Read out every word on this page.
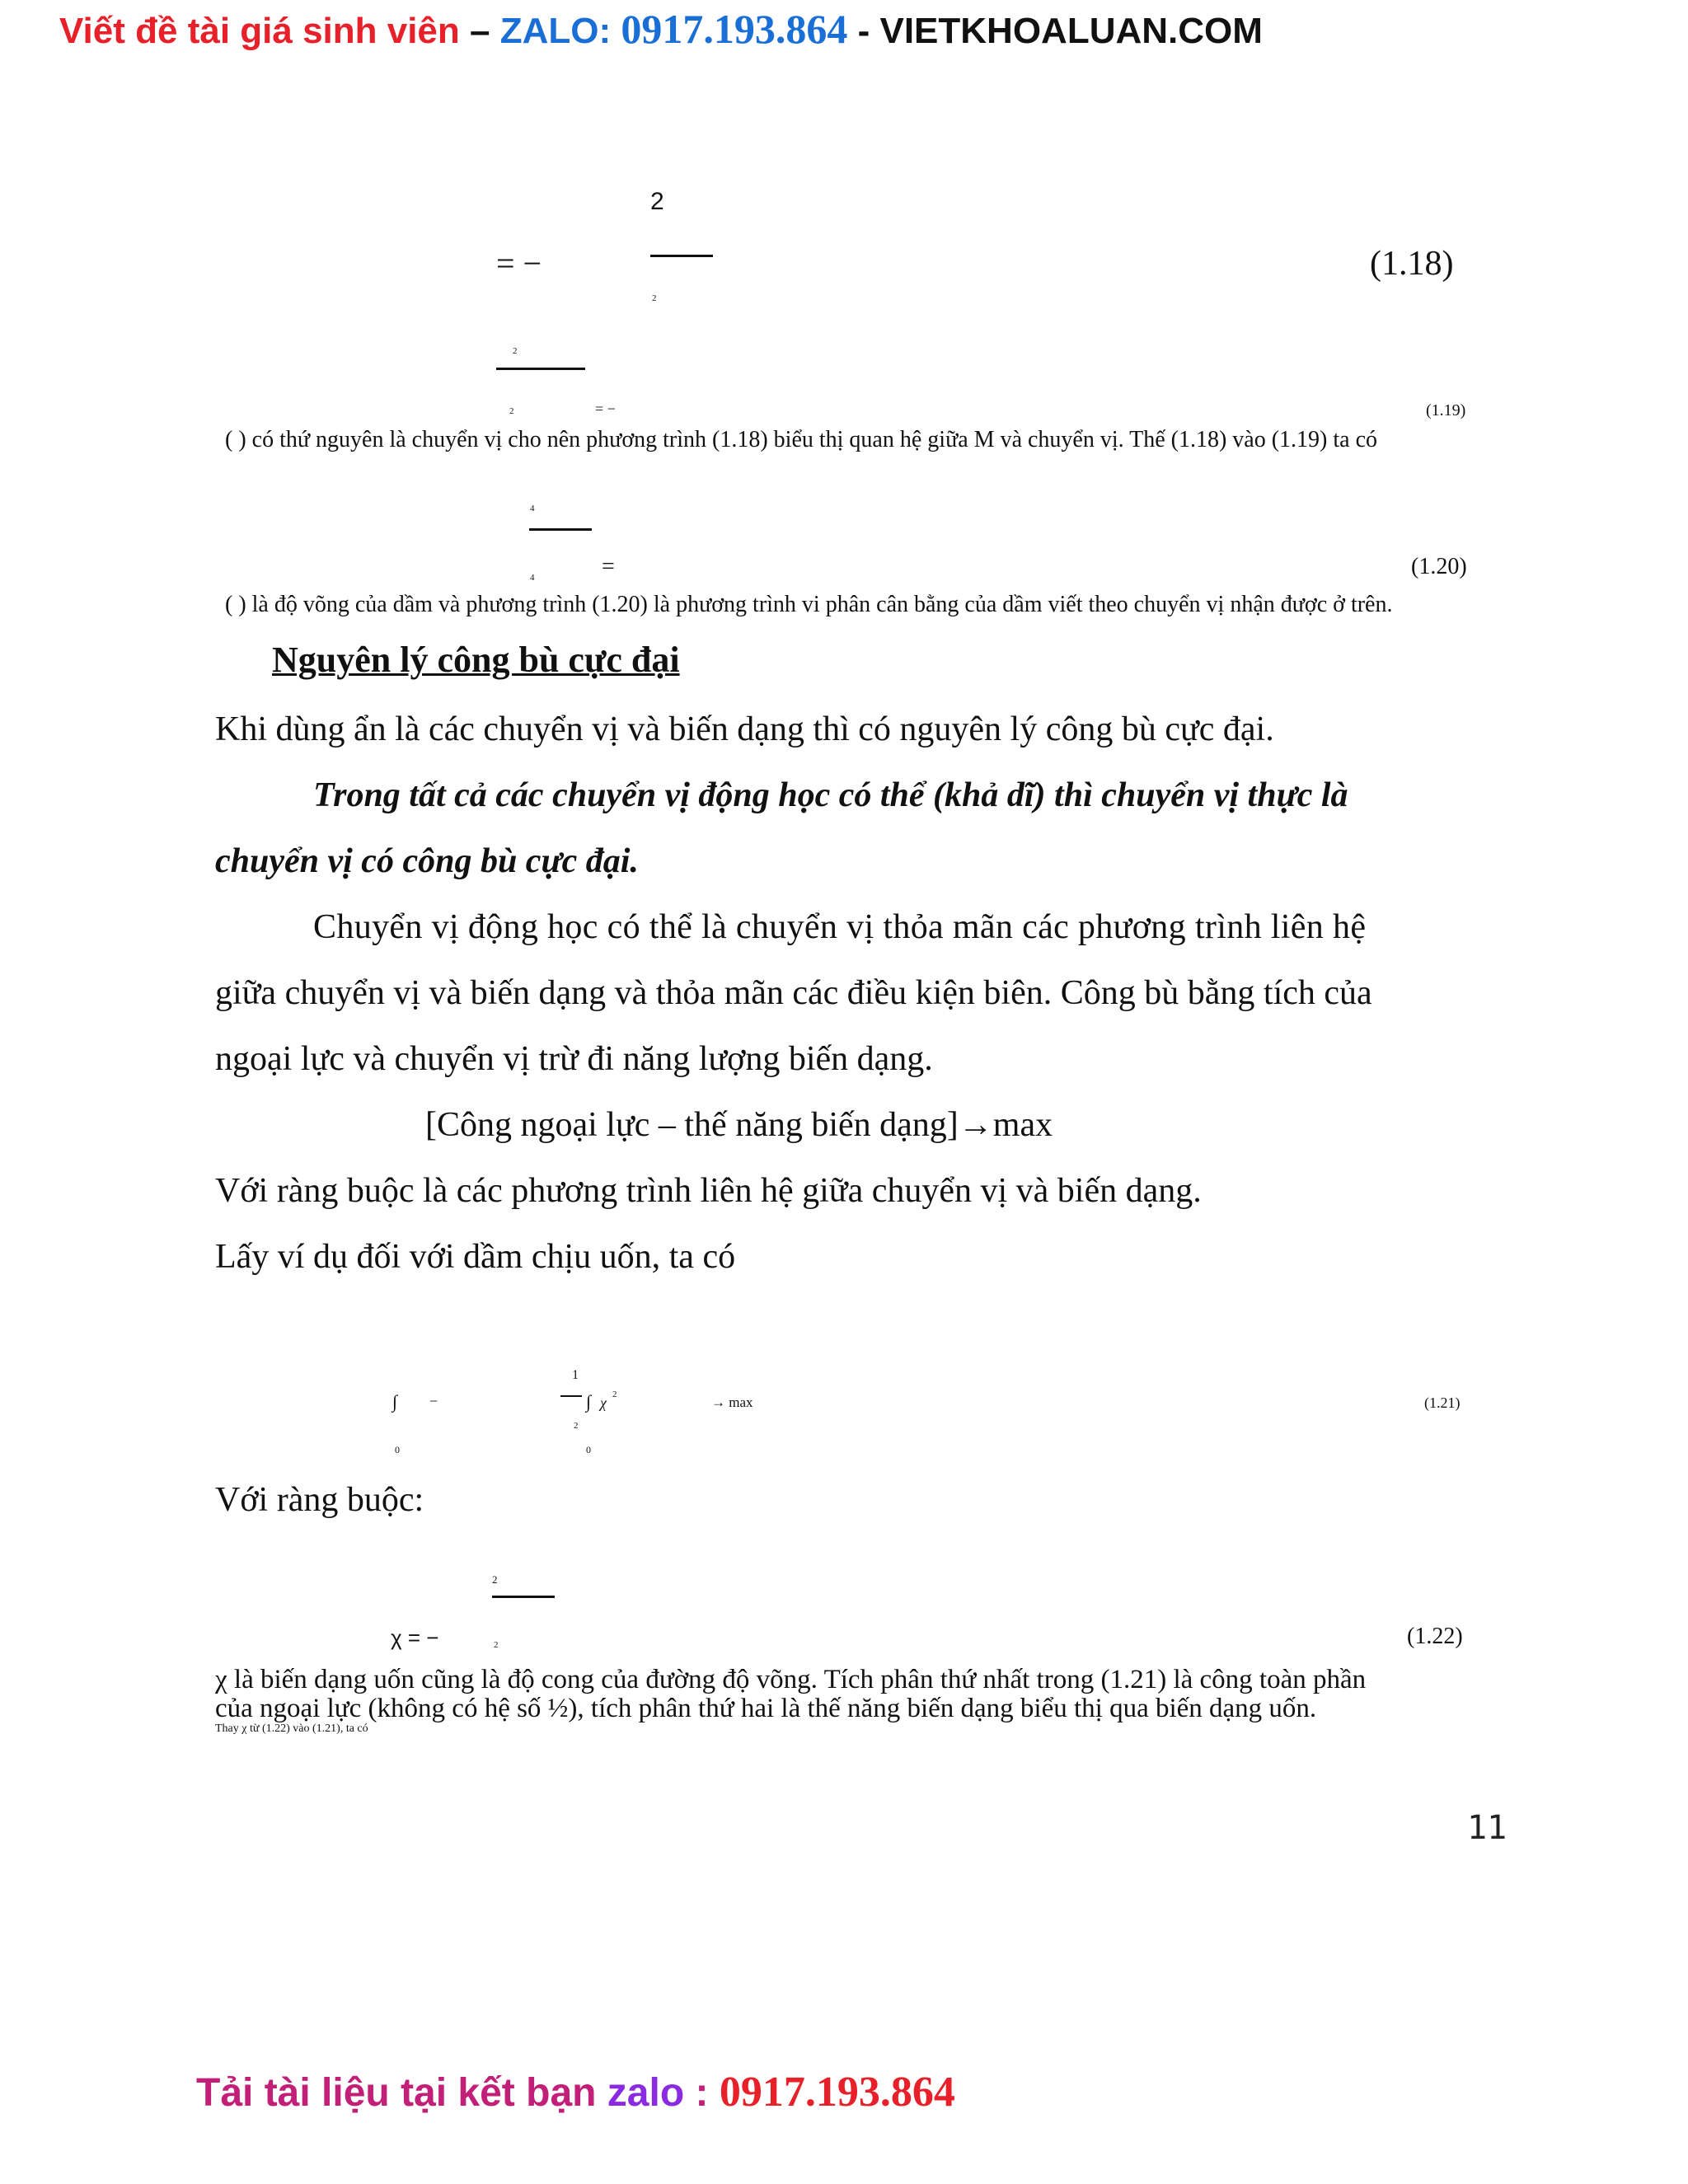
Viết đề tài giá sinh viên – ZALO: 0917.193.864 - VIETKHOALUAN.COM
2
= −
2
(1.18)
2
2	= −	(1.19)
( ) có thứ nguyên là chuyển vị cho nên phương trình (1.18) biểu thị quan hệ giữa M và chuyển vị. Thế (1.18) vào (1.19) ta có
4
4	=	(1.20)
( ) là độ võng của dầm và phương trình (1.20) là phương trình vi phân cân bằng của dầm viết theo chuyển vị nhận được ở trên.
Nguyên lý công bù cực đại
Khi dùng ẩn là các chuyển vị và biến dạng thì có nguyên lý công bù cực đại.
Trong tất cả các chuyển vị động học có thể (khả dĩ) thì chuyển vị thực là
chuyển vị có công bù cực đại.
Chuyển vị động học có thể là chuyển vị thỏa mãn các phương trình liên hệ
giữa chuyển vị và biến dạng và thỏa mãn các điều kiện biên. Công bù bằng tích của
ngoại lực và chuyển vị trừ đi năng lượng biến dạng.
[Công ngoại lực – thế năng biến dạng]→max
Với ràng buộc là các phương trình liên hệ giữa chuyển vị và biến dạng.
Lấy ví dụ đối với dầm chịu uốn, ta có
∫ −
1
2
∫ χ 2	→ max
0	0
(1.21)
Với ràng buộc:
2
χ = −	2	(1.22)
χ là biến dạng uốn cũng là độ cong của đường độ võng. Tích phân thứ nhất trong (1.21) là công toàn phần
của ngoại lực (không có hệ số ½), tích phân thứ hai là thế năng biến dạng biểu thị qua biến dạng uốn.
Thay χ từ (1.22) vào (1.21), ta có
11
Tải tài liệu tại kết bạn zalo : 0917.193.864
